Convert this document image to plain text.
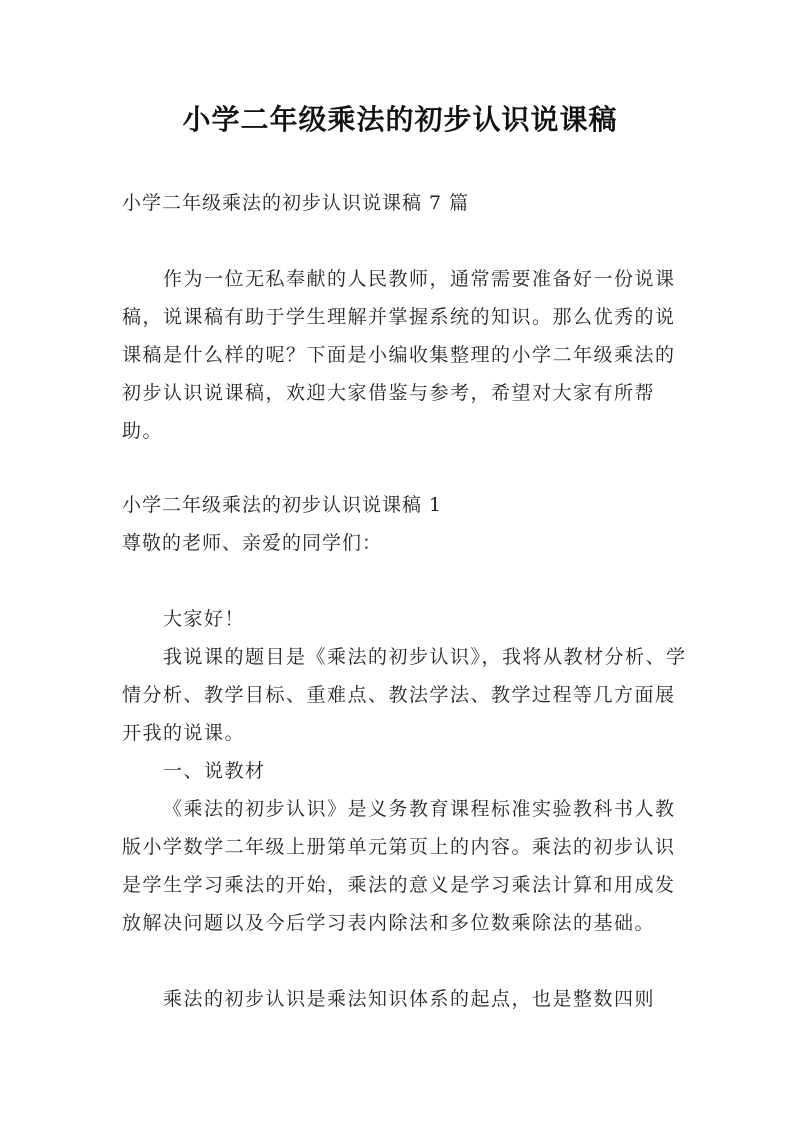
小学二年级乘法的初步认识说课稿

小学二年级乘法的初步认识说课稿 7 篇

作为一位无私奉献的人民教师，通常需要准备好一份说课稿，说课稿有助于学生理解并掌握系统的知识。那么优秀的说课稿是什么样的呢？下面是小编收集整理的小学二年级乘法的初步认识说课稿，欢迎大家借鉴与参考，希望对大家有所帮助。

小学二年级乘法的初步认识说课稿 1

尊敬的老师、亲爱的同学们：

大家好！

我说课的题目是《乘法的初步认识》，我将从教材分析、学情分析、教学目标、重难点、教法学法、教学过程等几方面展开我的说课。

一、说教材

《乘法的初步认识》是义务教育课程标准实验教科书人教版小学数学二年级上册第单元第页上的内容。乘法的初步认识是学生学习乘法的开始，乘法的意义是学习乘法计算和用成发放解决问题以及今后学习表内除法和多位数乘除法的基础。

乘法的初步认识是乘法知识体系的起点，也是整数四则
